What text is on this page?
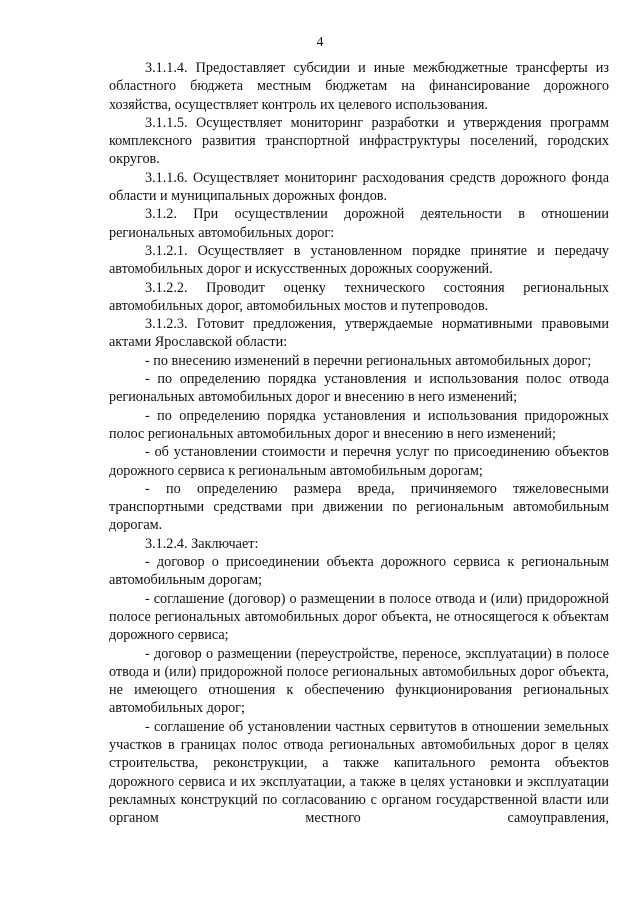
4

3.1.1.4. Предоставляет субсидии и иные межбюджетные трансферты из областного бюджета местным бюджетам на финансирование дорожного хозяйства, осуществляет контроль их целевого использования.

3.1.1.5. Осуществляет мониторинг разработки и утверждения программ комплексного развития транспортной инфраструктуры поселений, городских округов.

3.1.1.6. Осуществляет мониторинг расходования средств дорожного фонда области и муниципальных дорожных фондов.

3.1.2. При осуществлении дорожной деятельности в отношении региональных автомобильных дорог:

3.1.2.1. Осуществляет в установленном порядке принятие и передачу автомобильных дорог и искусственных дорожных сооружений.

3.1.2.2. Проводит оценку технического состояния региональных автомобильных дорог, автомобильных мостов и путепроводов.

3.1.2.3. Готовит предложения, утверждаемые нормативными правовыми актами Ярославской области:

- по внесению изменений в перечни региональных автомобильных дорог;

- по определению порядка установления и использования полос отвода региональных автомобильных дорог и внесению в него изменений;

- по определению порядка установления и использования придорожных полос региональных автомобильных дорог и внесению в него изменений;

- об установлении стоимости и перечня услуг по присоединению объектов дорожного сервиса к региональным автомобильным дорогам;

- по определению размера вреда, причиняемого тяжеловесными транспортными средствами при движении по региональным автомобильным дорогам.

3.1.2.4. Заключает:

- договор о присоединении объекта дорожного сервиса к региональным автомобильным дорогам;

- соглашение (договор) о размещении в полосе отвода и (или) придорожной полосе региональных автомобильных дорог объекта, не относящегося к объектам дорожного сервиса;

- договор о размещении (переустройстве, переносе, эксплуатации) в полосе отвода и (или) придорожной полосе региональных автомобильных дорог объекта, не имеющего отношения к обеспечению функционирования региональных автомобильных дорог;

- соглашение об установлении частных сервитутов в отношении земельных участков в границах полос отвода региональных автомобильных дорог в целях строительства, реконструкции, а также капитального ремонта объектов дорожного сервиса и их эксплуатации, а также в целях установки и эксплуатации рекламных конструкций по согласованию с органом государственной власти или органом местного самоуправления,
